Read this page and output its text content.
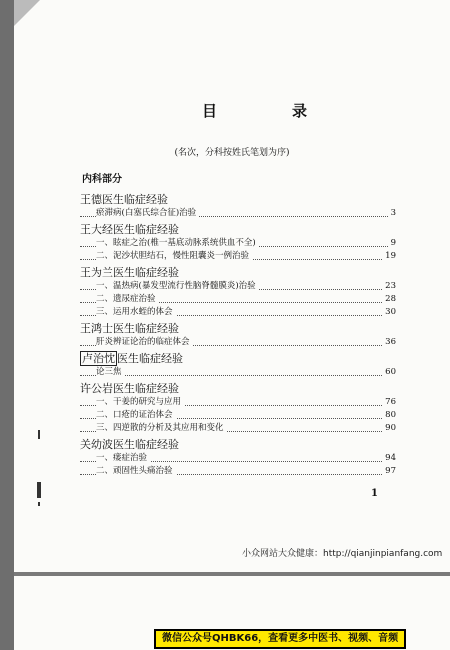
目　录
(名次，分科按姓氏笔划为序)
内科部分
王德医生临症经验
瘀滞病(白塞氏综合征)治验	3
王大经医生临症经验
一、眩症之治(椎一基底动脉系统供血不全)	9
二、泥沙状胆结石，慢性阻囊炎一例治验	19
王为兰医生临症经验
一、温热病(暴发型流行性脑脊髓膜炎)治验	23
二、遗尿症治验	28
三、运用水蛭的体会	30
王鸿士医生临症经验
肝炎辨证论治的临症体会	36
卢治忱 医生临症经验
论三焦	60
许公岩医生临症经验
一、干姜的研究与应用	76
二、口疮的证治体会	80
三、四逆散的分析及其应用和变化	90
关幼波医生临症经验
一、瘘症治验	94
二、顽固性头痛治验	97
1
小众网站大众健康：http://qianjinpianfang.com
微信公众号QHBK66，查看更多中医书、视频、音频
